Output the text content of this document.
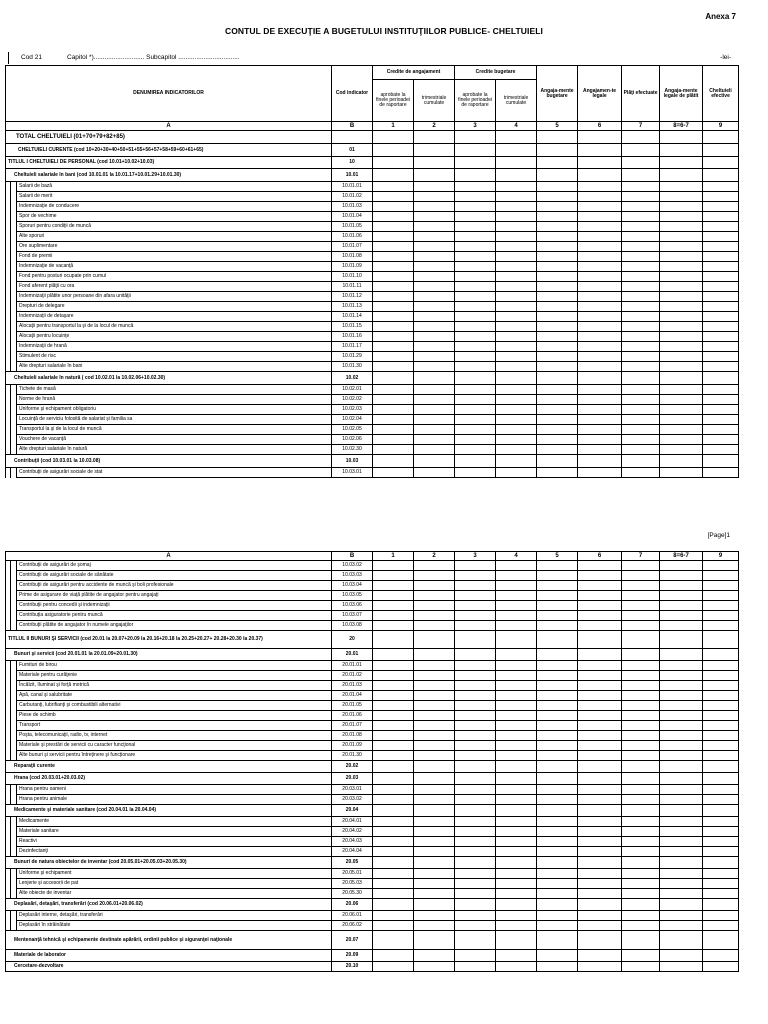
Anexa 7
CONTUL DE EXECUŢIE A BUGETULUI INSTITUŢIILOR PUBLICE- CHELTUIELI
Cod 21	Capitol *)............................ Subcapitol ..................................	-lei-
DENUMIREA INDICATORILOR			Cod indicator	Credite de angajament		Credite bugetare		Angaja-mente bugetare	Angajamen-te legale	Plăţi efectuate	Angaja-mente legale de plătit	Cheltuieli efective
				aprobate la finele perioadei de raportare	trimestriale cumulate	aprobate la finele perioadei de raportare	trimestriale cumulate					
A			B	1	2	3	4	5	6	7	8=6-7	9
TOTAL CHELTUIELI (01+70+79+82+85)												
CHELTUIELI CURENTE (cod 10+20+30+40+50+51+55+56+57+58+59+60+61+65)			01									
TITLUL I CHELTUIELI DE PERSONAL (cod 10.01+10.02+10.03)			10									
Cheltuieli salariale în bani (cod 10.01.01 la 10.01.17+10.01.29+10.01.30)			10.01									
		Salarii de bază	10.01.01									
		Salarii de merit	10.01.02									
		Indemnizaţie de conducere	10.01.03									
		Spor de vechime	10.01.04									
		Sporuri pentru condiţii de muncă	10.01.05									
		Alte sporuri	10.01.06									
		Ore suplimentare	10.01.07									
		Fond de premii	10.01.08									
		Indemnizaţie de vacanţă	10.01.09									
		Fond pentru posturi ocupate prin cumul	10.01.10									
		Fond aferent plăţii cu ora	10.01.11									
		Indemnizaţii plătite unor persoane din afara unităţii	10.01.12									
		Drepturi de delegare	10.01.13									
		Indemnizaţii de detaşare	10.01.14									
		Alocaţii pentru transportul la şi de la locul de muncă	10.01.15									
		Alocaţii pentru locuinţe	10.01.16									
		Indemnizaţii de hrană	10.01.17									
		Stimulent de risc	10.01.29									
		Alte drepturi salariale în bani	10.01.30									
Cheltuieli salariale în natură ( cod 10.02.01 la 10.02.06+10.02.30)			10.02									
		Tichete de masă	10.02.01									
		Norme de hrană	10.02.02									
		Uniforme şi echipament obligatoriu	10.02.03									
		Locuinţă de serviciu folosită de salariat şi familia sa	10.02.04									
		Transportul la şi de la locul de muncă	10.02.05									
		Vouchere de vacanţă	10.02.06									
		Alte drepturi salariale în natură	10.02.30									
Contribuţii (cod 10.03.01 la 10.03.08)			10.03									
		Contribuţii de asigurări sociale de stat	10.03.01									
[Page]1
A			B	1	2	3	4	5	6	7	8=6-7	9
		Contribuţii de asigurări de şomaj	10.03.02									
		Contribuţii de asigurări sociale de sănătate	10.03.03									
		Contribuţii de asigurări pentru accidente de muncă şi boli profesionale	10.03.04									
		Prime de asigurare de viaţă plătite de angajator pentru angajaţi	10.03.05									
		Contribuţii pentru concedii şi indemnizaţii	10.03.06									
		Contribuţia asiguratorie pentru muncă	10.03.07									
		Contribuţii plătite de angajator în numele angajaţilor	10.03.08									
TITLUL II BUNURI ŞI SERVICII (cod 20.01 la 20.07+20.09 la 20.16+20.18 la 20.25+20.27+ 20.28+20.30 la 20.37)			20									
Bunuri şi servicii (cod 20.01.01 la 20.01.09+20.01.30)			20.01									
		Furnituri de birou	20.01.01									
		Materiale pentru curăţenie	20.01.02									
		Încălzit, Iluminat şi forţă motrică	20.01.03									
		Apă, canal şi salubritate	20.01.04									
		Carburanţi, lubrifianţi şi combustibili alternativi	20.01.05									
		Piese de schimb	20.01.06									
		Transport	20.01.07									
		Poşta, telecomunicaţii, radio, tv, internet	20.01.08									
		Materiale şi prestări de servicii cu caracter funcţional	20.01.09									
		Alte bunuri şi servicii pentru întreţinere şi funcţionare	20.01.30									
Reparaţii curente			20.02									
Hrana (cod 20.03.01+20.03.02)			20.03									
		Hrana pentru oameni	20.03.01									
		Hrana pentru animale	20.03.02									
Medicamente şi materiale sanitare (cod 20.04.01 la 20.04.04)			20.04									
		Medicamente	20.04.01									
		Materiale sanitare	20.04.02									
		Reactivi	20.04.03									
		Dezinfectanţi	20.04.04									
Bunuri de natura obiectelor de inventar (cod 20.05.01+20.05.03+20.05.30)			20.05									
		Uniforme şi echipament	20.05.01									
		Lenjerie şi accesorii de pat	20.05.03									
		Alte obiecte de inventar	20.05.30									
Deplasări, detaşări, transferări (cod 20.06.01+20.06.02)			20.06									
		Deplasări interne, detaşări, transferări	20.06.01									
		Deplasări în străinătate	20.06.02									
Mentenanţă tehnică şi echipamente destinate apărării, ordinii publice şi siguranţei naţionale			20.07									
Materiale de laborator			20.09									
Cercetare-dezvoltare			20.10									
